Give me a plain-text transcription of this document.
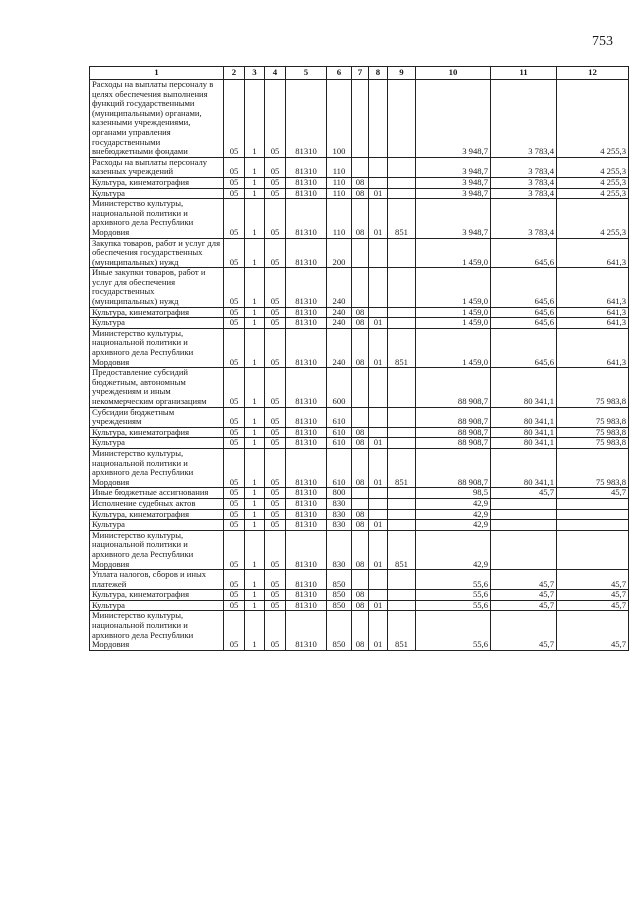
753
1	2	3	4	5	6	7	8	9	10	11	12
Расходы на выплаты персоналу в целях обеспечения выполнения функций государственными (муниципальными) органами, казенными учреждениями, органами управления государственными внебюджетными фондами	05	1	05	81310	100				3 948,7	3 783,4	4 255,3
Расходы на выплаты персоналу казенных учреждений	05	1	05	81310	110				3 948,7	3 783,4	4 255,3
Культура, кинематография	05	1	05	81310	110	08			3 948,7	3 783,4	4 255,3
Культура	05	1	05	81310	110	08	01		3 948,7	3 783,4	4 255,3
Министерство культуры, национальной политики и архивного дела Республики Мордовия	05	1	05	81310	110	08	01	851	3 948,7	3 783,4	4 255,3
Закупка товаров, работ и услуг для обеспечения государственных (муниципальных) нужд	05	1	05	81310	200				1 459,0	645,6	641,3
Иные закупки товаров, работ и услуг для обеспечения государственных (муниципальных) нужд	05	1	05	81310	240				1 459,0	645,6	641,3
Культура, кинематография	05	1	05	81310	240	08			1 459,0	645,6	641,3
Культура	05	1	05	81310	240	08	01		1 459,0	645,6	641,3
Министерство культуры, национальной политики и архивного дела Республики Мордовия	05	1	05	81310	240	08	01	851	1 459,0	645,6	641,3
Предоставление субсидий бюджетным, автономным учреждениям и иным некоммерческим организациям	05	1	05	81310	600				88 908,7	80 341,1	75 983,8
Субсидии бюджетным учреждениям	05	1	05	81310	610				88 908,7	80 341,1	75 983,8
Культура, кинематография	05	1	05	81310	610	08			88 908,7	80 341,1	75 983,8
Культура	05	1	05	81310	610	08	01		88 908,7	80 341,1	75 983,8
Министерство культуры, национальной политики и архивного дела Республики Мордовия	05	1	05	81310	610	08	01	851	88 908,7	80 341,1	75 983,8
Иные бюджетные ассигнования	05	1	05	81310	800				98,5	45,7	45,7
Исполнение судебных актов	05	1	05	81310	830				42,9		
Культура, кинематография	05	1	05	81310	830	08			42,9		
Культура	05	1	05	81310	830	08	01		42,9		
Министерство культуры, национальной политики и архивного дела Республики Мордовия	05	1	05	81310	830	08	01	851	42,9		
Уплата налогов, сборов и иных платежей	05	1	05	81310	850				55,6	45,7	45,7
Культура, кинематография	05	1	05	81310	850	08			55,6	45,7	45,7
Культура	05	1	05	81310	850	08	01		55,6	45,7	45,7
Министерство культуры, национальной политики и архивного дела Республики Мордовия	05	1	05	81310	850	08	01	851	55,6	45,7	45,7
